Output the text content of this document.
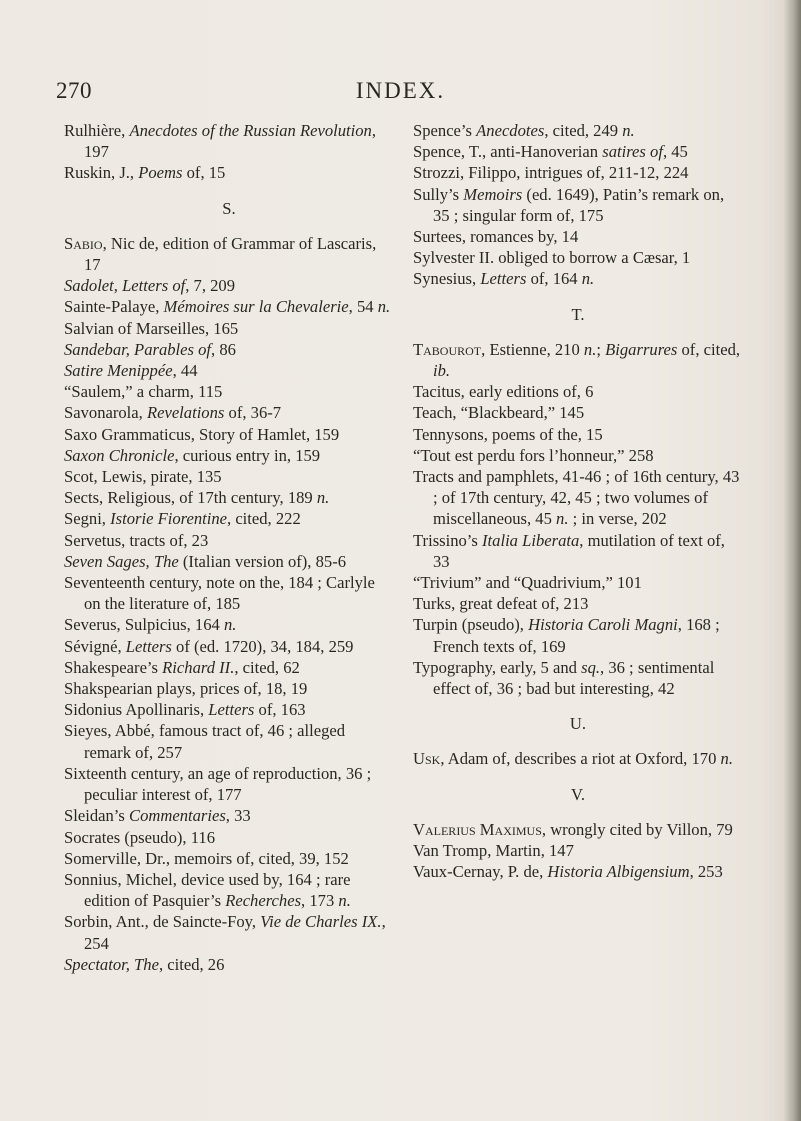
270	INDEX.

Rulhière, Anecdotes of the Russian Revolution, 197

Ruskin, J., Poems of, 15

S.

Sabio, Nic de, edition of Grammar of Lascaris, 17

Sadolet, Letters of, 7, 209

Sainte-Palaye, Mémoires sur la Chevalerie, 54 n.

Salvian of Marseilles, 165

Sandebar, Parables of, 86

Satire Menippée, 44

“Saulem,” a charm, 115

Savonarola, Revelations of, 36-7

Saxo Grammaticus, Story of Hamlet, 159

Saxon Chronicle, curious entry in, 159

Scot, Lewis, pirate, 135

Sects, Religious, of 17th century, 189 n.

Segni, Istorie Fiorentine, cited, 222

Servetus, tracts of, 23

Seven Sages, The (Italian version of), 85-6

Seventeenth century, note on the, 184 ; Carlyle on the literature of, 185

Severus, Sulpicius, 164 n.

Sévigné, Letters of (ed. 1720), 34, 184, 259

Shakespeare’s Richard II., cited, 62

Shakspearian plays, prices of, 18, 19

Sidonius Apollinaris, Letters of, 163

Sieyes, Abbé, famous tract of, 46 ; alleged remark of, 257

Sixteenth century, an age of reproduction, 36 ; peculiar interest of, 177

Sleidan’s Commentaries, 33

Socrates (pseudo), 116

Somerville, Dr., memoirs of, cited, 39, 152

Sonnius, Michel, device used by, 164 ; rare edition of Pasquier’s Recherches, 173 n.

Sorbin, Ant., de Saincte-Foy, Vie de Charles IX., 254

Spectator, The, cited, 26

Spence’s Anecdotes, cited, 249 n.

Spence, T., anti-Hanoverian satires of, 45

Strozzi, Filippo, intrigues of, 211-12, 224

Sully’s Memoirs (ed. 1649), Patin’s remark on, 35 ; singular form of, 175

Surtees, romances by, 14

Sylvester II. obliged to borrow a Cæsar, 1

Synesius, Letters of, 164 n.

T.

Tabourot, Estienne, 210 n.; Bigarrures of, cited, ib.

Tacitus, early editions of, 6

Teach, “Blackbeard,” 145

Tennysons, poems of the, 15

“Tout est perdu fors l’honneur,” 258

Tracts and pamphlets, 41-46 ; of 16th century, 43 ; of 17th century, 42, 45 ; two volumes of miscellaneous, 45 n. ; in verse, 202

Trissino’s Italia Liberata, mutilation of text of, 33

“Trivium” and “Quadrivium,” 101

Turks, great defeat of, 213

Turpin (pseudo), Historia Caroli Magni, 168 ; French texts of, 169

Typography, early, 5 and sq., 36 ; sentimental effect of, 36 ; bad but interesting, 42

U.

Usk, Adam of, describes a riot at Oxford, 170 n.

V.

Valerius Maximus, wrongly cited by Villon, 79

Van Tromp, Martin, 147

Vaux-Cernay, P. de, Historia Albigensium, 253
